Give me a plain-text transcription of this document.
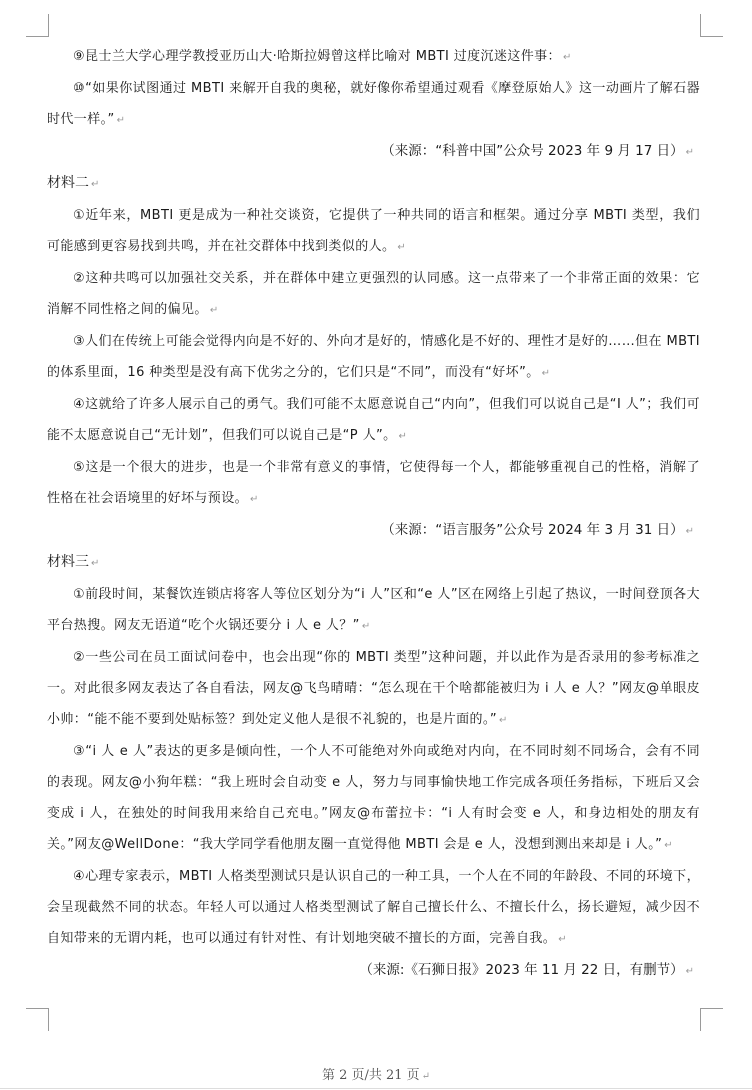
⑨昆士兰大学心理学教授亚历山大·哈斯拉姆曾这样比喻对 MBTI 过度沉迷这件事： ↵

⑩“如果你试图通过 MBTI 来解开自我的奥秘，就好像你希望通过观看《摩登原始人》这一动画片了解石器时代一样。” ↵

（来源：“科普中国”公众号 2023 年 9 月 17 日） ↵

材料二 ↵

①近年来，MBTI 更是成为一种社交谈资，它提供了一种共同的语言和框架。通过分享 MBTI 类型，我们可能感到更容易找到共鸣，并在社交群体中找到类似的人。 ↵

②这种共鸣可以加强社交关系，并在群体中建立更强烈的认同感。这一点带来了一个非常正面的效果：它消解不同性格之间的偏见。 ↵

③人们在传统上可能会觉得内向是不好的、外向才是好的，情感化是不好的、理性才是好的……但在 MBTI 的体系里面，16 种类型是没有高下优劣之分的，它们只是“不同”，而没有“好坏”。 ↵

④这就给了许多人展示自己的勇气。我们可能不太愿意说自己“内向”，但我们可以说自己是“I 人”；我们可能不太愿意说自己“无计划”，但我们可以说自己是“P 人”。 ↵

⑤这是一个很大的进步，也是一个非常有意义的事情，它使得每一个人，都能够重视自己的性格，消解了性格在社会语境里的好坏与预设。 ↵

（来源：“语言服务”公众号 2024 年 3 月 31 日） ↵

材料三 ↵

①前段时间，某餐饮连锁店将客人等位区划分为“i 人”区和“e 人”区在网络上引起了热议，一时间登顶各大平台热搜。网友无语道“吃个火锅还要分 i 人 e 人？” ↵

②一些公司在员工面试问卷中，也会出现“你的 MBTI 类型”这种问题，并以此作为是否录用的参考标准之一。对此很多网友表达了各自看法，网友@飞鸟晴晴：“怎么现在干个啥都能被归为 i 人 e 人？”网友@单眼皮小帅：“能不能不要到处贴标签？到处定义他人是很不礼貌的，也是片面的。” ↵

③“i 人 e 人”表达的更多是倾向性，一个人不可能绝对外向或绝对内向，在不同时刻不同场合，会有不同的表现。网友@小狗年糕：“我上班时会自动变 e 人，努力与同事愉快地工作完成各项任务指标，下班后又会变成 i 人，在独处的时间我用来给自己充电。”网友@布蕾拉卡：“i 人有时会变 e 人，和身边相处的朋友有关。”网友@WellDone：“我大学同学看他朋友圈一直觉得他 MBTI 会是 e 人，没想到测出来却是 i 人。” ↵

④心理专家表示，MBTI 人格类型测试只是认识自己的一种工具，一个人在不同的年龄段、不同的环境下，会呈现截然不同的状态。年轻人可以通过人格类型测试了解自己擅长什么、不擅长什么，扬长避短，减少因不自知带来的无谓内耗，也可以通过有针对性、有计划地突破不擅长的方面，完善自我。 ↵

（来源:《石狮日报》2023 年 11 月 22 日，有删节） ↵

第 2 页/共 21 页 ↵
